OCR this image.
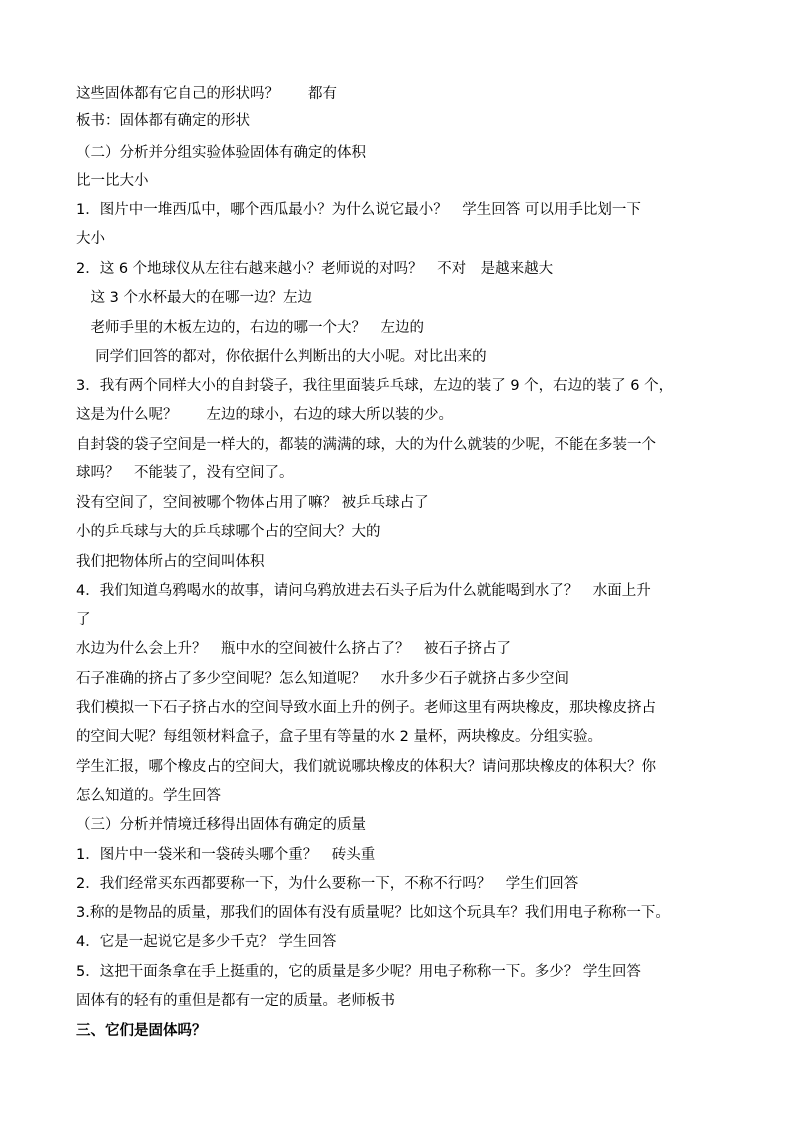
这些固体都有它自己的形状吗？　　都有
板书：固体都有确定的形状
（二）分析并分组实验体验固体有确定的体积
比一比大小
1．图片中一堆西瓜中，哪个西瓜最小？为什么说它最小？　学生回答 可以用手比划一下
大小
2．这 6 个地球仪从左往右越来越小？老师说的对吗？　不对　是越来越大
　这 3 个水杯最大的在哪一边？左边
　老师手里的木板左边的，右边的哪一个大？　左边的
　 同学们回答的都对，你依据什么判断出的大小呢。对比出来的
3．我有两个同样大小的自封袋子，我往里面装乒乓球，左边的装了 9 个，右边的装了 6 个，
这是为什么呢？　　左边的球小，右边的球大所以装的少。
自封袋的袋子空间是一样大的，都装的满满的球，大的为什么就装的少呢，不能在多装一个
球吗？　不能装了，没有空间了。
没有空间了，空间被哪个物体占用了嘛？ 被乒乓球占了
小的乒乓球与大的乒乓球哪个占的空间大？大的
我们把物体所占的空间叫体积
4．我们知道乌鸦喝水的故事，请问乌鸦放进去石头子后为什么就能喝到水了？　水面上升
了
水边为什么会上升？　瓶中水的空间被什么挤占了？　被石子挤占了
石子准确的挤占了多少空间呢？怎么知道呢？　水升多少石子就挤占多少空间
我们模拟一下石子挤占水的空间导致水面上升的例子。老师这里有两块橡皮，那块橡皮挤占
的空间大呢？每组领材料盒子，盒子里有等量的水 2 量杯，两块橡皮。分组实验。
学生汇报，哪个橡皮占的空间大，我们就说哪块橡皮的体积大？请问那块橡皮的体积大？你
怎么知道的。学生回答
（三）分析并情境迁移得出固体有确定的质量
1．图片中一袋米和一袋砖头哪个重？　砖头重
2．我们经常买东西都要称一下，为什么要称一下，不称不行吗？　学生们回答
3.称的是物品的质量，那我们的固体有没有质量呢？比如这个玩具车？我们用电子称称一下。
4．它是一起说它是多少千克？ 学生回答
5．这把干面条拿在手上挺重的，它的质量是多少呢？用电子称称一下。多少？ 学生回答
固体有的轻有的重但是都有一定的质量。老师板书
三、它们是固体吗？
